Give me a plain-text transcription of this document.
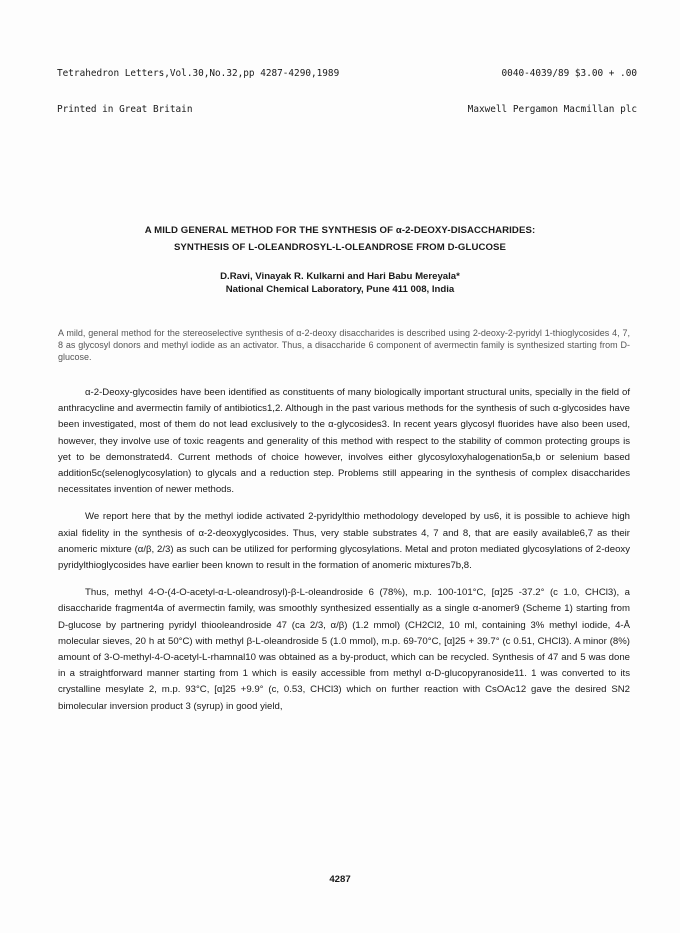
Tetrahedron Letters,Vol.30,No.32,pp 4287-4290,1989	0040-4039/89 $3.00 + .00

Printed in Great Britain	Maxwell Pergamon Macmillan plc

A MILD GENERAL METHOD FOR THE SYNTHESIS OF α-2-DEOXY-DISACCHARIDES:
SYNTHESIS OF L-OLEANDROSYL-L-OLEANDROSE FROM D-GLUCOSE
D.Ravi, Vinayak R. Kulkarni and Hari Babu Mereyala*
National Chemical Laboratory, Pune 411 008, India
A mild, general method for the stereoselective synthesis of α-2-deoxy disaccharides is described using 2-deoxy-2-pyridyl 1-thioglycosides 4, 7, 8 as glycosyl donors and methyl iodide as an activator. Thus, a disaccharide 6 component of avermectin family is synthesized starting from D-glucose.

α-2-Deoxy-glycosides have been identified as constituents of many biologically important structural units, specially in the field of anthracycline and avermectin family of antibiotics1,2. Although in the past various methods for the synthesis of such α-glycosides have been investigated, most of them do not lead exclusively to the α-glycosides3. In recent years glycosyl fluorides have also been used, however, they involve use of toxic reagents and generality of this method with respect to the stability of common protecting groups is yet to be demonstrated4. Current methods of choice however, involves either glycosyloxyhalogenation5a,b or selenium based addition5c(selenoglycosylation) to glycals and a reduction step. Problems still appearing in the synthesis of complex disaccharides necessitates invention of newer methods.

We report here that by the methyl iodide activated 2-pyridylthio methodology developed by us6, it is possible to achieve high axial fidelity in the synthesis of α-2-deoxyglycosides. Thus, very stable substrates 4, 7 and 8, that are easily available6,7 as their anomeric mixture (α/β, 2/3) as such can be utilized for performing glycosylations. Metal and proton mediated glycosylations of 2-deoxy pyridylthioglycosides have earlier been known to result in the formation of anomeric mixtures7b,8.

Thus, methyl 4-O-(4-O-acetyl-α-L-oleandrosyl)-β-L-oleandroside 6 (78%), m.p. 100-101°C, [α]25 -37.2° (c 1.0, CHCl3), a disaccharide fragment4a of avermectin family, was smoothly synthesized essentially as a single α-anomer9 (Scheme 1) starting from D-glucose by partnering pyridyl thiooleandroside 47 (ca 2/3, α/β) (1.2 mmol) (CH2Cl2, 10 ml, containing 3% methyl iodide, 4-Å molecular sieves, 20 h at 50°C) with methyl β-L-oleandroside 5 (1.0 mmol), m.p. 69-70°C, [α]25 + 39.7° (c 0.51, CHCl3). A minor (8%) amount of 3-O-methyl-4-O-acetyl-L-rhamnal10 was obtained as a by-product, which can be recycled. Synthesis of 47 and 5 was done in a straightforward manner starting from 1 which is easily accessible from methyl α-D-glucopyranoside11. 1 was converted to its crystalline mesylate 2, m.p. 93°C, [α]25 +9.9° (c, 0.53, CHCl3) which on further reaction with CsOAc12 gave the desired SN2 bimolecular inversion product 3 (syrup) in good yield,

4287
